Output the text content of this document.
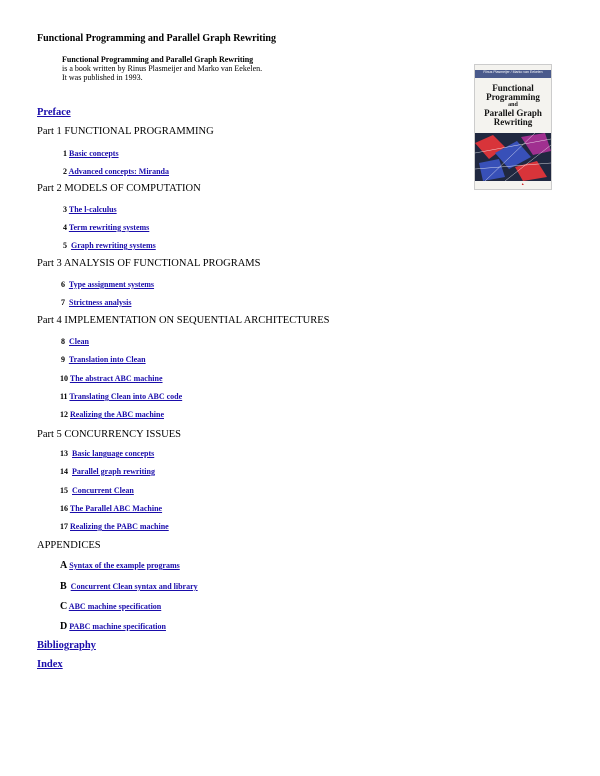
Functional Programming and Parallel Graph Rewriting
Functional Programming and Parallel Graph Rewriting
is a book written by Rinus Plasmeijer and Marko van Eekelen.
It was published in 1993.
Rinus Plasmeijer / Marko van Eekelen
Functional
Programming
and
Parallel Graph
Rewriting
▲
Preface
Part 1 FUNCTIONAL PROGRAMMING
1 Basic concepts
2 Advanced concepts: Miranda
Part 2 MODELS OF COMPUTATION
3 The l-calculus
4 Term rewriting systems
5 Graph rewriting systems
Part 3 ANALYSIS OF FUNCTIONAL PROGRAMS
6 Type assignment systems
7 Strictness analysis
Part 4 IMPLEMENTATION ON SEQUENTIAL ARCHITECTURES
8 Clean
9 Translation into Clean
10 The abstract ABC machine
11 Translating Clean into ABC code
12 Realizing the ABC machine
Part 5 CONCURRENCY ISSUES
13 Basic language concepts
14 Parallel graph rewriting
15 Concurrent Clean
16 The Parallel ABC Machine
17 Realizing the PABC machine
APPENDICES
A Syntax of the example programs
B Concurrent Clean syntax and library
C ABC machine specification
D PABC machine specification
Bibliography
Index
